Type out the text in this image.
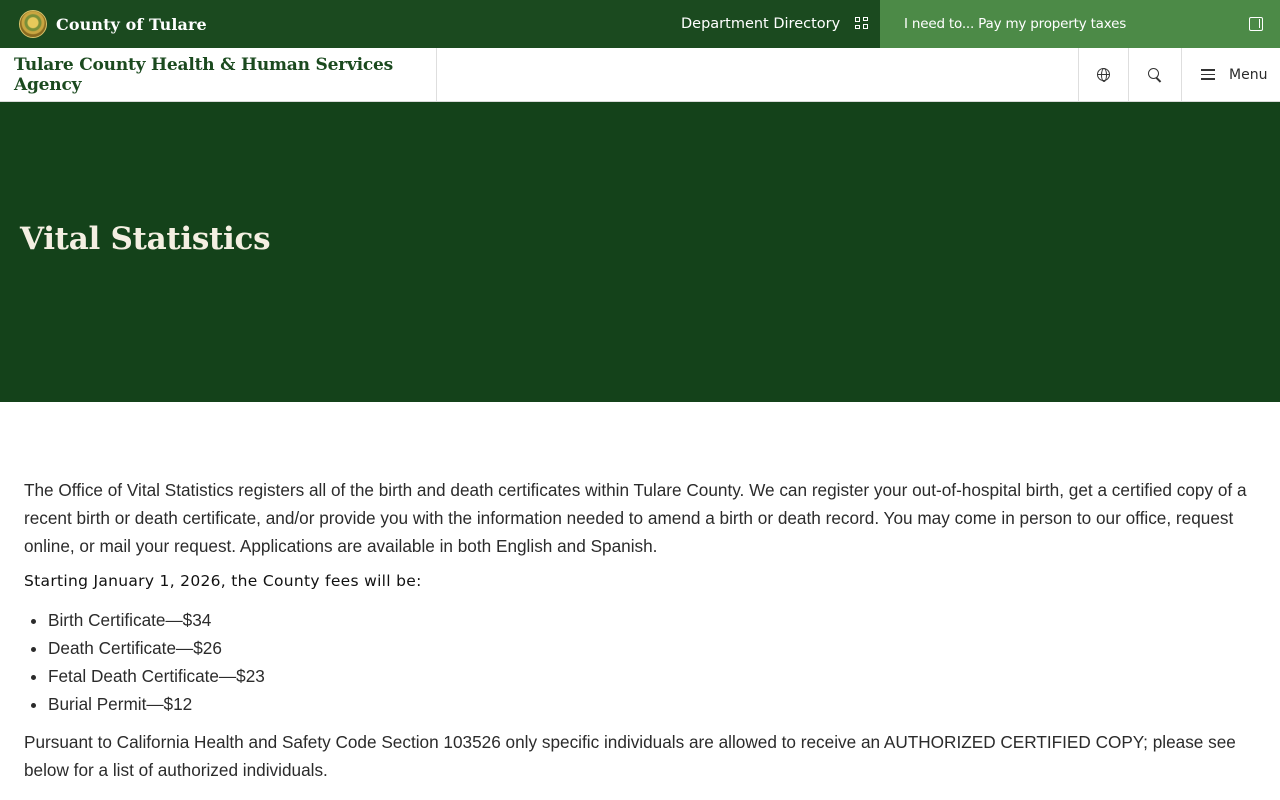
County of Tulare	Department Directory	I need to... Pay my property taxes
Tulare County Health & Human Services Agency	Menu
Vital Statistics

The Office of Vital Statistics registers all of the birth and death certificates within Tulare County. We can register your out-of-hospital birth, get a certified copy of a recent birth or death certificate, and/or provide you with the information needed to amend a birth or death record. You may come in person to our office, request online, or mail your request. Applications are available in both English and Spanish.

Starting January 1, 2026, the County fees will be:

• Birth Certificate—$34
• Death Certificate—$26
• Fetal Death Certificate—$23
• Burial Permit—$12

Pursuant to California Health and Safety Code Section 103526 only specific individuals are allowed to receive an AUTHORIZED CERTIFIED COPY; please see below for a list of authorized individuals.
